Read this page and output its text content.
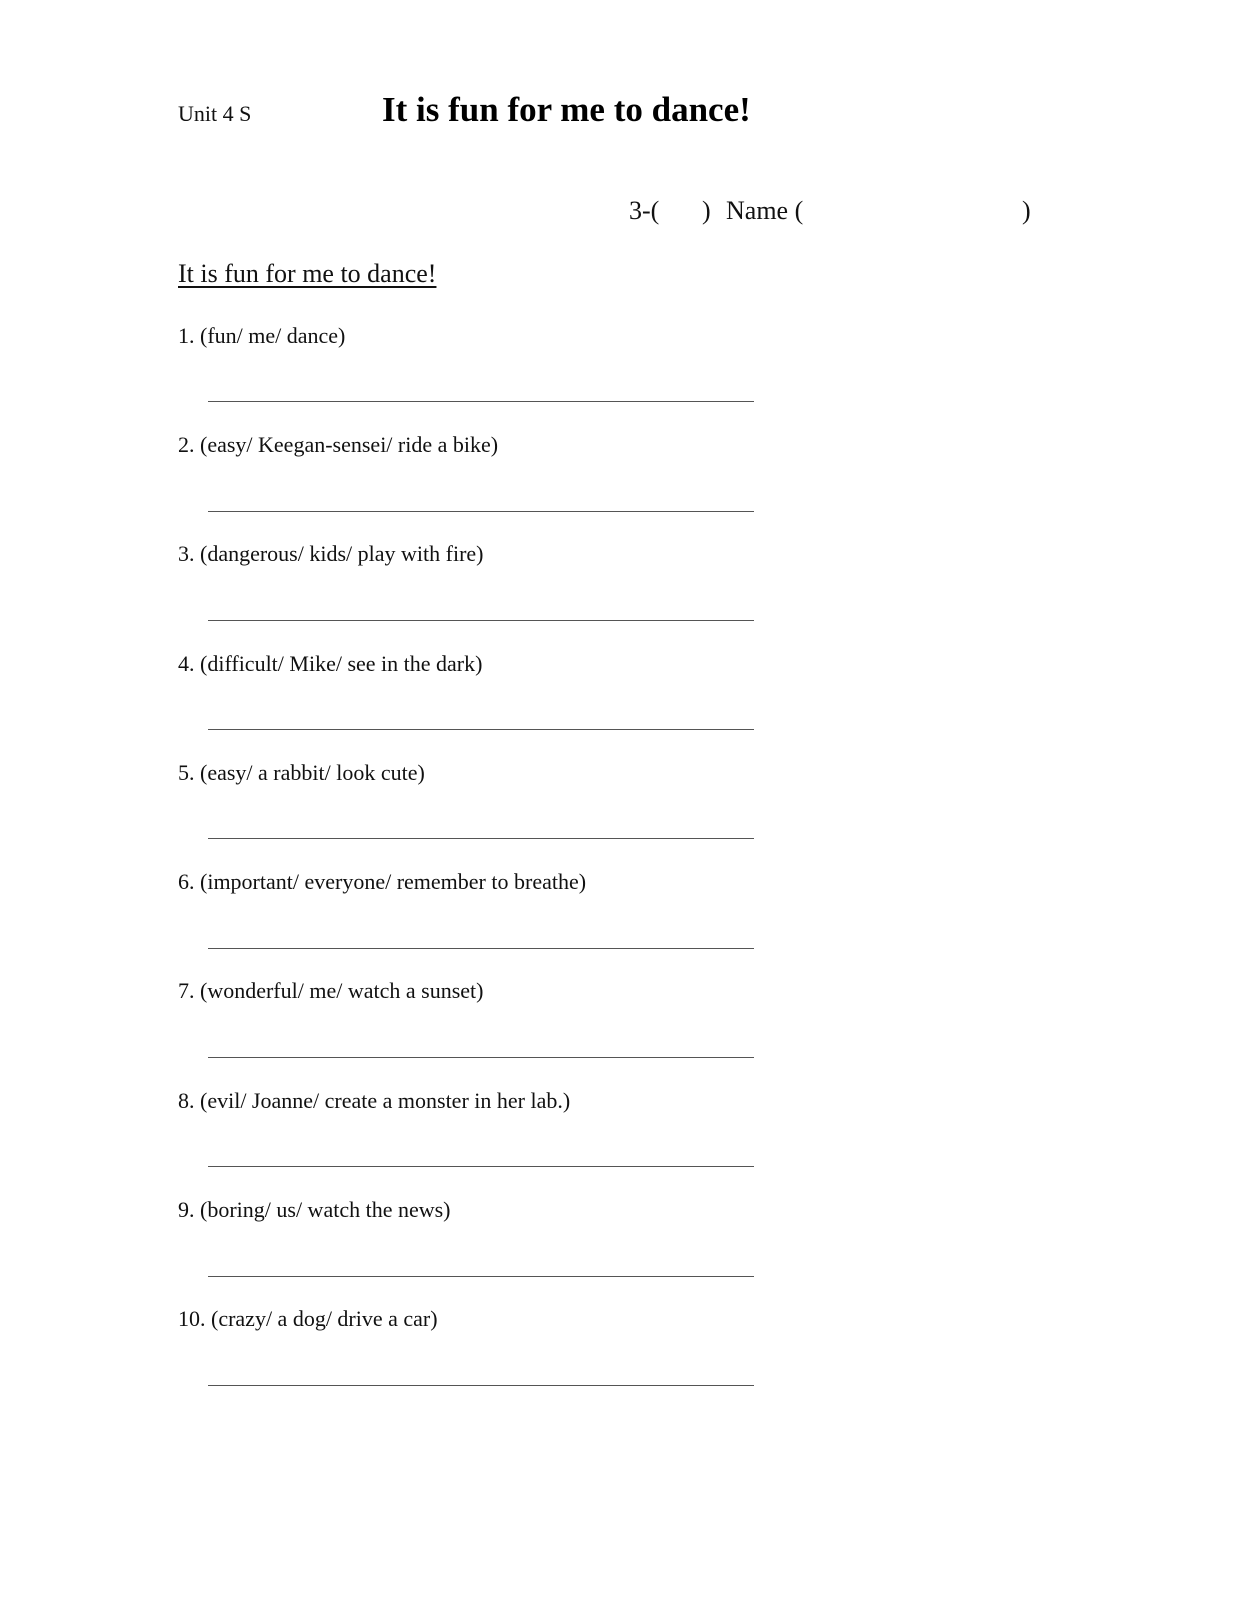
Unit 4 S	It is fun for me to dance!
3-( ) Name (	)
It is fun for me to dance!
1. (fun/ me/ dance)
2. (easy/ Keegan-sensei/ ride a bike)
3. (dangerous/ kids/ play with fire)
4. (difficult/ Mike/ see in the dark)
5. (easy/ a rabbit/ look cute)
6. (important/ everyone/ remember to breathe)
7. (wonderful/ me/ watch a sunset)
8. (evil/ Joanne/ create a monster in her lab.)
9. (boring/ us/ watch the news)
10. (crazy/ a dog/ drive a car)
